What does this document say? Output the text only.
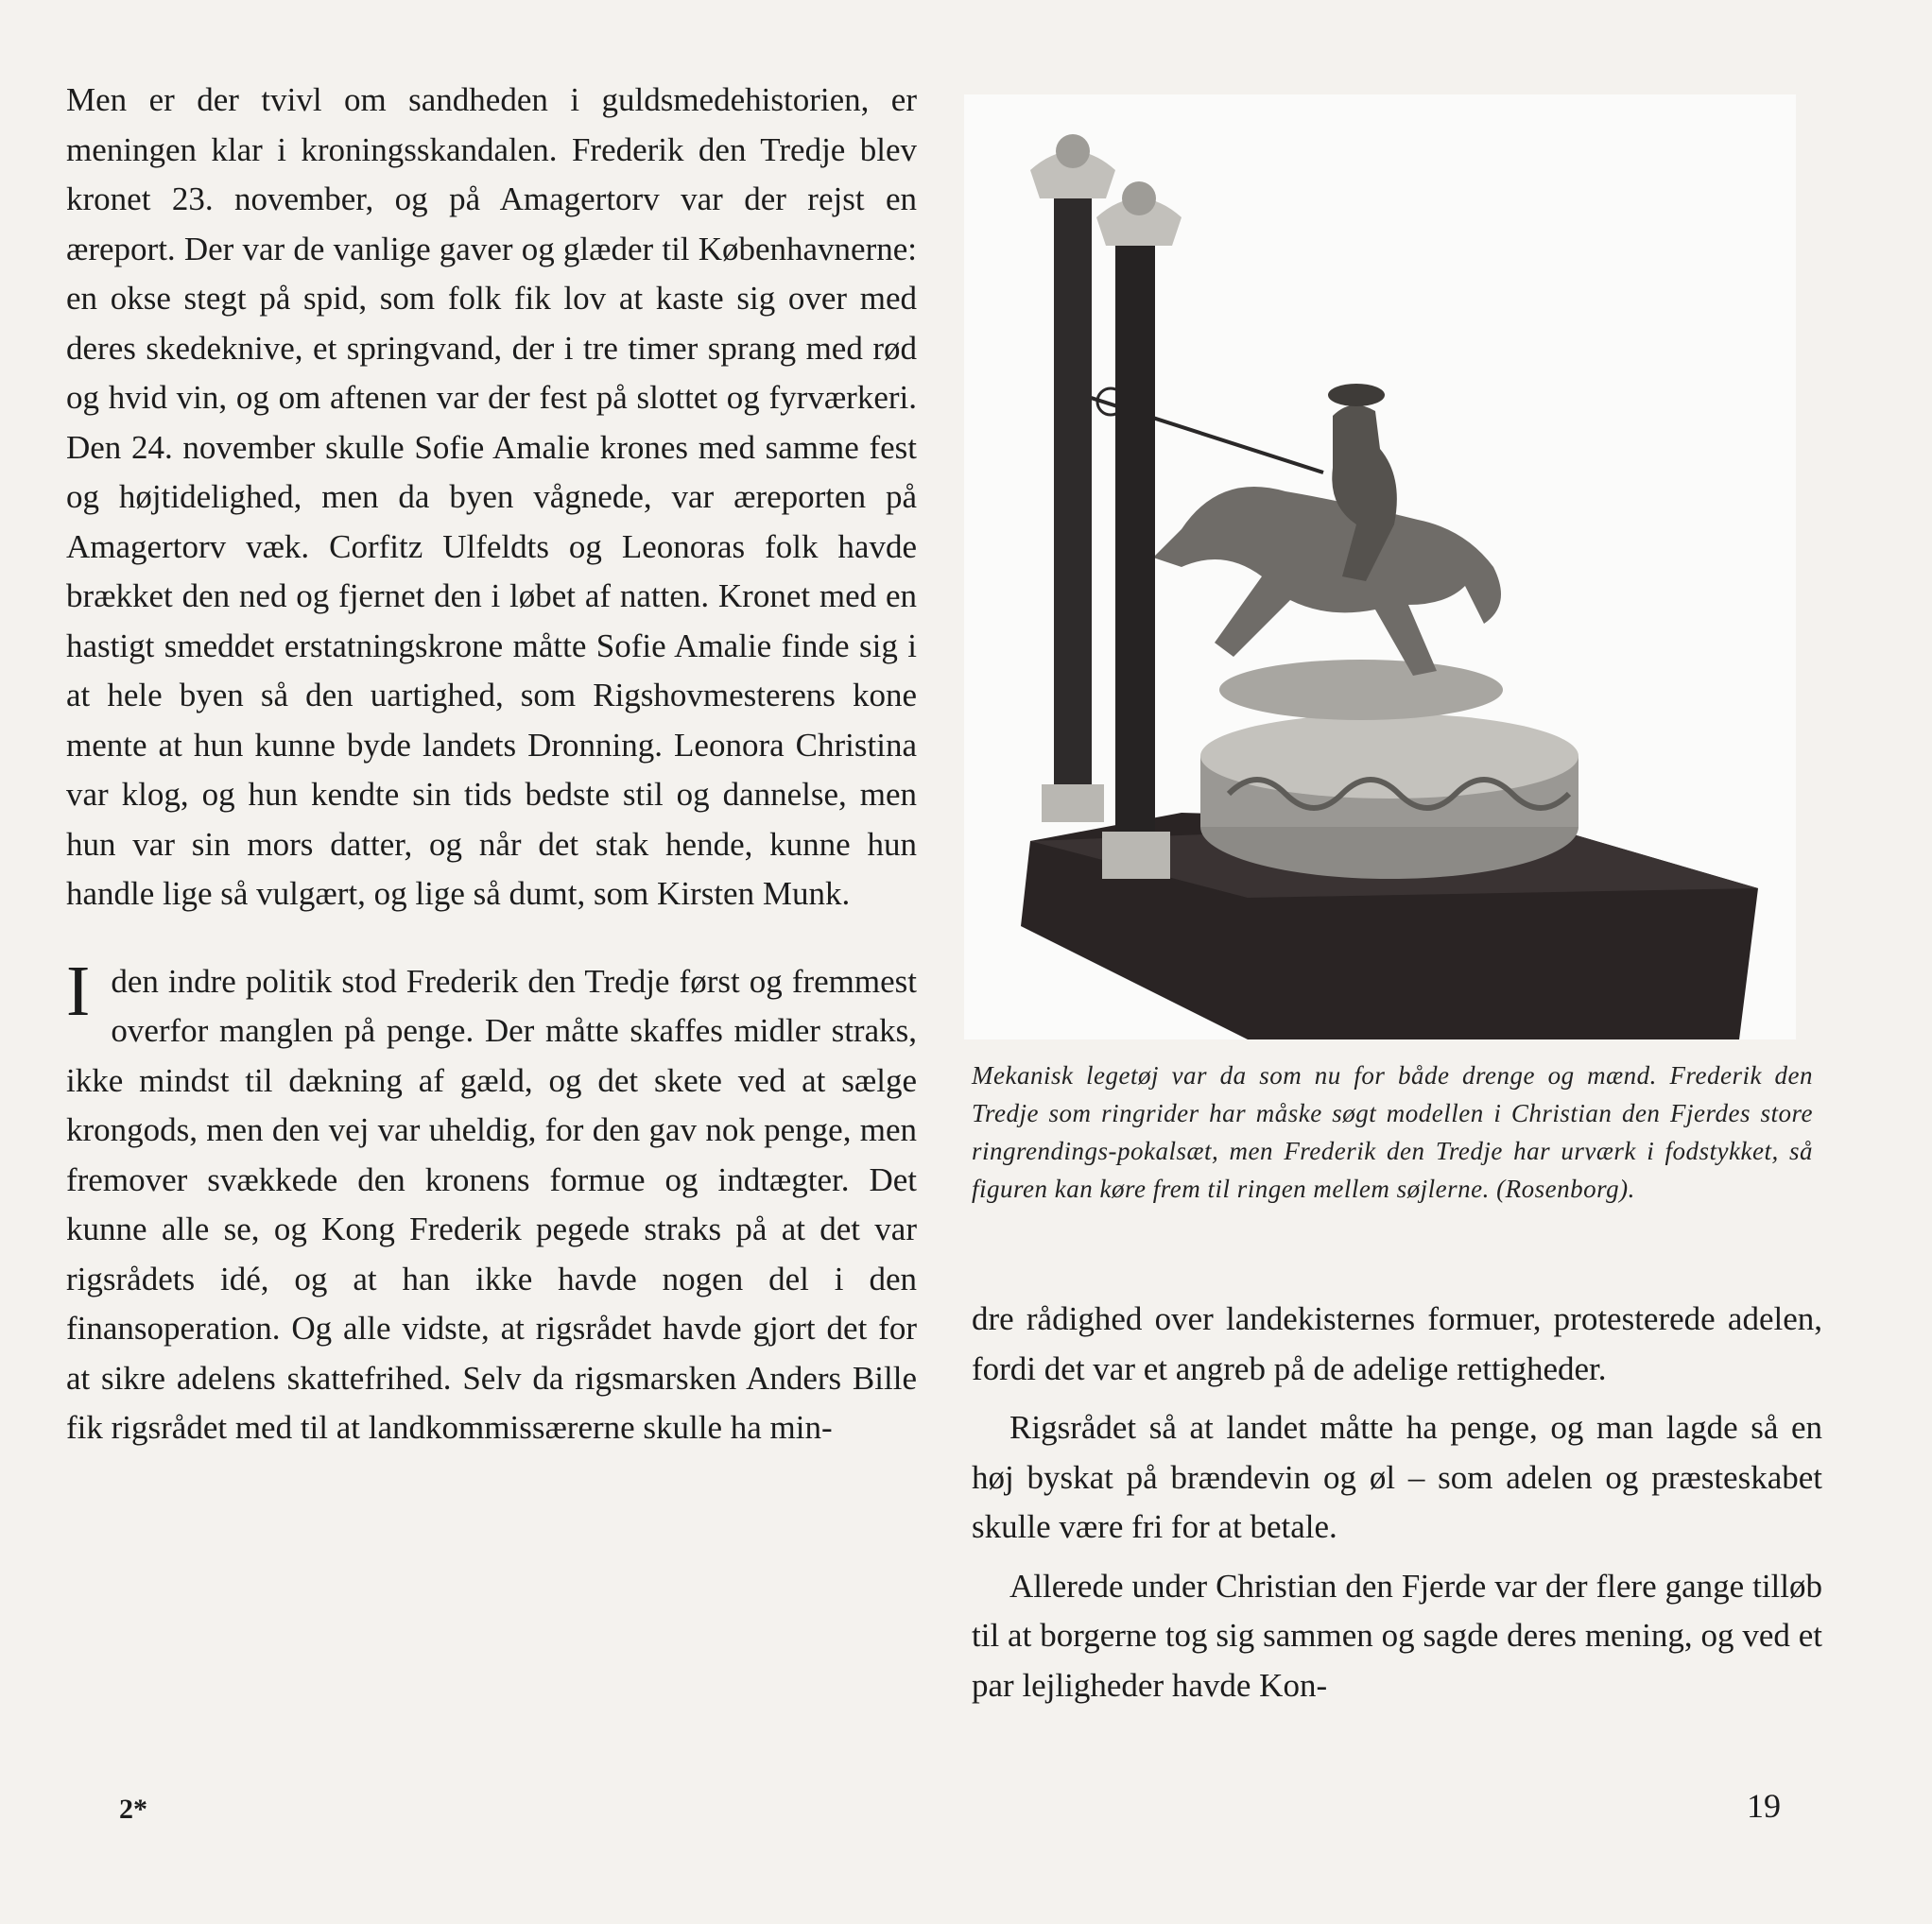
Men er der tvivl om sandheden i guldsmedehistorien, er meningen klar i kroningsskandalen. Frederik den Tredje blev kronet 23. november, og på Amagertorv var der rejst en æreport. Der var de vanlige gaver og glæder til Københavnerne: en okse stegt på spid, som folk fik lov at kaste sig over med deres skedeknive, et springvand, der i tre timer sprang med rød og hvid vin, og om aftenen var der fest på slottet og fyrværkeri. Den 24. november skulle Sofie Amalie krones med samme fest og højtidelighed, men da byen vågnede, var æreporten på Amagertorv væk. Corfitz Ulfeldts og Leonoras folk havde brækket den ned og fjernet den i løbet af natten. Kronet med en hastigt smeddet erstatningskrone måtte Sofie Amalie finde sig i at hele byen så den uartighed, som Rigshovmesterens kone mente at hun kunne byde landets Dronning. Leonora Christina var klog, og hun kendte sin tids bedste stil og dannelse, men hun var sin mors datter, og når det stak hende, kunne hun handle lige så vulgært, og lige så dumt, som Kirsten Munk.

I den indre politik stod Frederik den Tredje først og fremmest overfor manglen på penge. Der måtte skaffes midler straks, ikke mindst til dækning af gæld, og det skete ved at sælge krongods, men den vej var uheldig, for den gav nok penge, men fremover svækkede den kronens formue og indtægter. Det kunne alle se, og Kong Frederik pegede straks på at det var rigsrådets idé, og at han ikke havde nogen del i den finansoperation. Og alle vidste, at rigsrådet havde gjort det for at sikre adelens skattefrihed. Selv da rigsmarsken Anders Bille fik rigsrådet med til at landkommissærerne skulle ha min-

Mekanisk legetøj var da som nu for både drenge og mænd. Frederik den Tredje som ringrider har måske søgt modellen i Christian den Fjerdes store ringrendings-pokalsæt, men Frederik den Tredje har urværk i fodstykket, så figuren kan køre frem til ringen mellem søjlerne. (Rosenborg).

dre rådighed over landekisternes formuer, protesterede adelen, fordi det var et angreb på de adelige rettigheder.

Rigsrådet så at landet måtte ha penge, og man lagde så en høj byskat på brændevin og øl – som adelen og præsteskabet skulle være fri for at betale.

Allerede under Christian den Fjerde var der flere gange tilløb til at borgerne tog sig sammen og sagde deres mening, og ved et par lejligheder havde Kon-

2*	19
